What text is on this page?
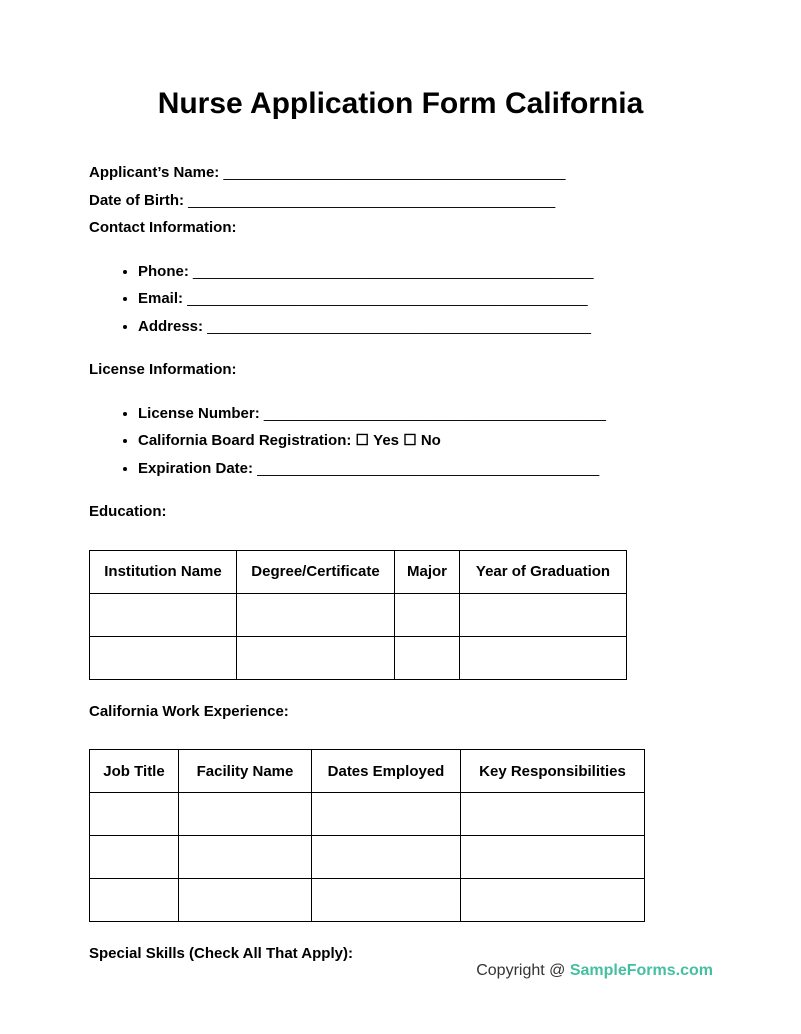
Nurse Application Form California

Applicant’s Name: _________________________________________

Date of Birth: ____________________________________________

Contact Information:

• Phone: ________________________________________________
• Email: ________________________________________________
• Address: ______________________________________________

License Information:

• License Number: _________________________________________
• California Board Registration: ☐ Yes ☐ No
• Expiration Date: _________________________________________

Education:

Institution Name	Degree/Certificate	Major	Year of Graduation

California Work Experience:

Job Title	Facility Name	Dates Employed	Key Responsibilities

Special Skills (Check All That Apply):

Copyright @ SampleForms.com
